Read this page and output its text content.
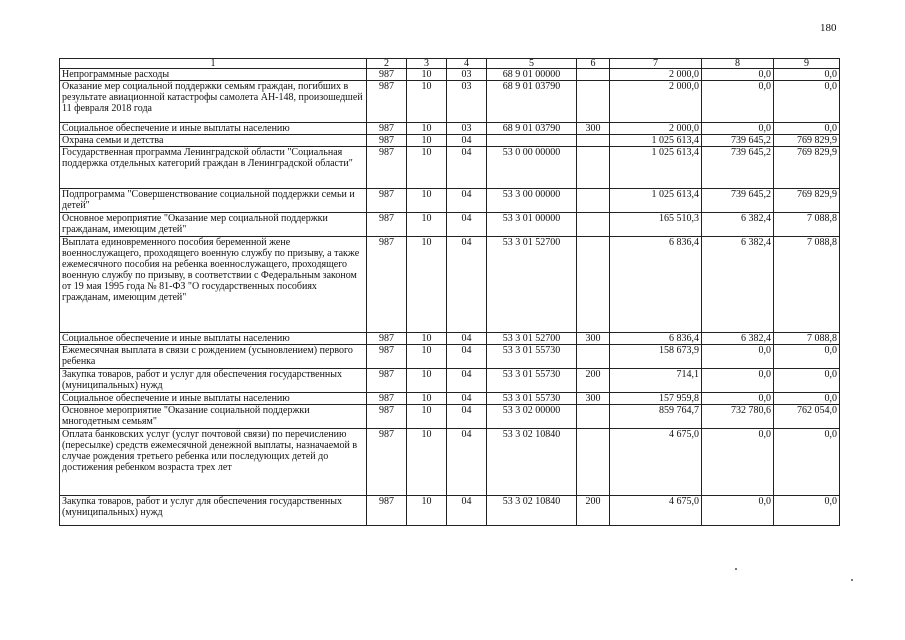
180
1	2	3	4	5	6	7	8	9
Непрограммные расходы	987	10	03	68 9 01 00000		2 000,0	0,0	0,0
Оказание мер социальной поддержки семьям граждан, погибших в результате авиационной катастрофы самолета АН-148, произошедшей 11 февраля 2018 года	987	10	03	68 9 01 03790		2 000,0	0,0	0,0
Социальное обеспечение и иные выплаты населению	987	10	03	68 9 01 03790	300	2 000,0	0,0	0,0
Охрана семьи и детства	987	10	04			1 025 613,4	739 645,2	769 829,9
Государственная программа Ленинградской области "Социальная поддержка отдельных категорий граждан в Ленинградской области"	987	10	04	53 0 00 00000		1 025 613,4	739 645,2	769 829,9
Подпрограмма "Совершенствование социальной поддержки семьи и детей"	987	10	04	53 3 00 00000		1 025 613,4	739 645,2	769 829,9
Основное мероприятие "Оказание мер социальной поддержки гражданам, имеющим детей"	987	10	04	53 3 01 00000		165 510,3	6 382,4	7 088,8
Выплата единовременного пособия беременной жене военнослужащего, проходящего военную службу по призыву, а также ежемесячного пособия на ребенка военнослужащего, проходящего военную службу по призыву, в соответствии с Федеральным законом от 19 мая 1995 года № 81-ФЗ "О государственных пособиях гражданам, имеющим детей"	987	10	04	53 3 01 52700		6 836,4	6 382,4	7 088,8
Социальное обеспечение и иные выплаты населению	987	10	04	53 3 01 52700	300	6 836,4	6 382,4	7 088,8
Ежемесячная выплата в связи с рождением (усыновлением) первого ребенка	987	10	04	53 3 01 55730		158 673,9	0,0	0,0
Закупка товаров, работ и услуг для обеспечения государственных (муниципальных) нужд	987	10	04	53 3 01 55730	200	714,1	0,0	0,0
Социальное обеспечение и иные выплаты населению	987	10	04	53 3 01 55730	300	157 959,8	0,0	0,0
Основное мероприятие "Оказание социальной поддержки многодетным семьям"	987	10	04	53 3 02 00000		859 764,7	732 780,6	762 054,0
Оплата банковских услуг (услуг почтовой связи) по перечислению (пересылке) средств ежемесячной денежной выплаты, назначаемой в случае рождения третьего ребенка или последующих детей до достижения ребенком возраста трех лет	987	10	04	53 3 02 10840		4 675,0	0,0	0,0
Закупка товаров, работ и услуг для обеспечения государственных (муниципальных) нужд	987	10	04	53 3 02 10840	200	4 675,0	0,0	0,0
